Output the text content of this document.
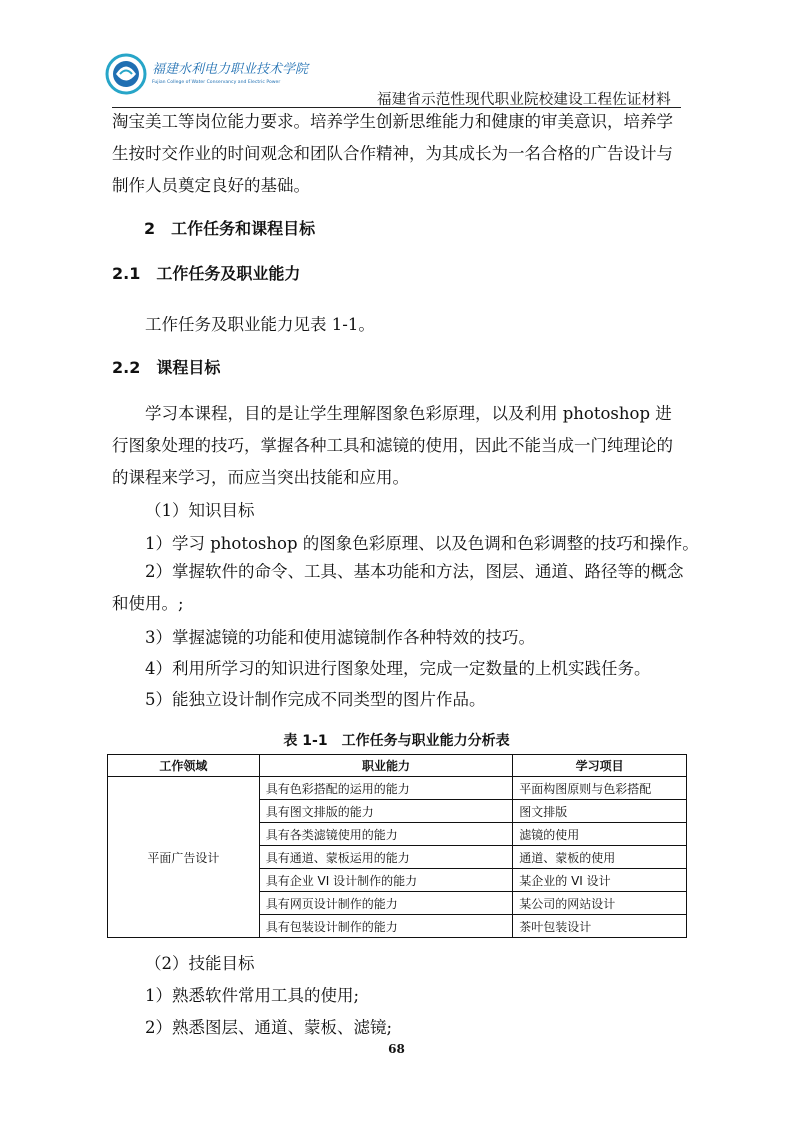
福建水利电力职业技术学院
Fujian College of Water Conservancy and Electric Power
福建省示范性现代职业院校建设工程佐证材料
淘宝美工等岗位能力要求。培养学生创新思维能力和健康的审美意识，培养学生按时交作业的时间观念和团队合作精神，为其成长为一名合格的广告设计与制作人员奠定良好的基础。
2　工作任务和课程目标
2.1　工作任务及职业能力
工作任务及职业能力见表 1-1。
2.2　课程目标
学习本课程，目的是让学生理解图象色彩原理，以及利用 photoshop 进行图象处理的技巧，掌握各种工具和滤镜的使用，因此不能当成一门纯理论的的课程来学习，而应当突出技能和应用。
（1）知识目标
1）学习 photoshop 的图象色彩原理、以及色调和色彩调整的技巧和操作。
2）掌握软件的命令、工具、基本功能和方法，图层、通道、路径等的概念和使用。;
3）掌握滤镜的功能和使用滤镜制作各种特效的技巧。
4）利用所学习的知识进行图象处理，完成一定数量的上机实践任务。
5）能独立设计制作完成不同类型的图片作品。
表 1-1　工作任务与职业能力分析表
工作领域	职业能力	学习项目
平面广告设计	具有色彩搭配的运用的能力	平面构图原则与色彩搭配
	具有图文排版的能力	图文排版
	具有各类滤镜使用的能力	滤镜的使用
	具有通道、蒙板运用的能力	通道、蒙板的使用
	具有企业 VI 设计制作的能力	某企业的 VI 设计
	具有网页设计制作的能力	某公司的网站设计
	具有包装设计制作的能力	茶叶包装设计
（2）技能目标
1）熟悉软件常用工具的使用;
2）熟悉图层、通道、蒙板、滤镜;
68
